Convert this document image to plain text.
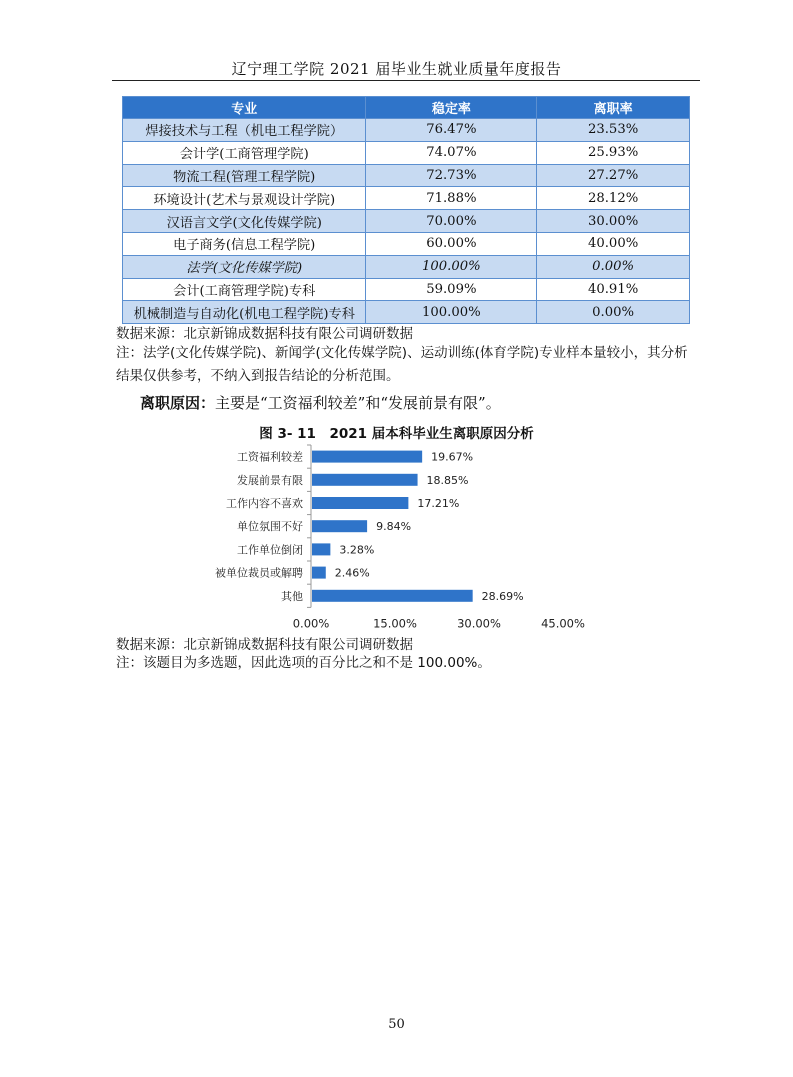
辽宁理工学院 2021 届毕业生就业质量年度报告
专业	稳定率	离职率
焊接技术与工程（机电工程学院）	76.47%	23.53%
会计学(工商管理学院)	74.07%	25.93%
物流工程(管理工程学院)	72.73%	27.27%
环境设计(艺术与景观设计学院)	71.88%	28.12%
汉语言文学(文化传媒学院)	70.00%	30.00%
电子商务(信息工程学院)	60.00%	40.00%
法学(文化传媒学院)	100.00%	0.00%
会计(工商管理学院)专科	59.09%	40.91%
机械制造与自动化(机电工程学院)专科	100.00%	0.00%
数据来源：北京新锦成数据科技有限公司调研数据
注：法学(文化传媒学院)、新闻学(文化传媒学院)、运动训练(体育学院)专业样本量较小，其分析结果仅供参考，不纳入到报告结论的分析范围。
离职原因：主要是“工资福利较差”和“发展前景有限”。
图 3- 11　2021 届本科毕业生离职原因分析
工资福利较差	19.67%
发展前景有限	18.85%
工作内容不喜欢	17.21%
单位氛围不好	9.84%
工作单位倒闭	3.28%
被单位裁员或解聘	2.46%
其他	28.69%
0.00%	15.00%	30.00%	45.00%
数据来源：北京新锦成数据科技有限公司调研数据
注：该题目为多选题，因此选项的百分比之和不是 100.00%。
50
